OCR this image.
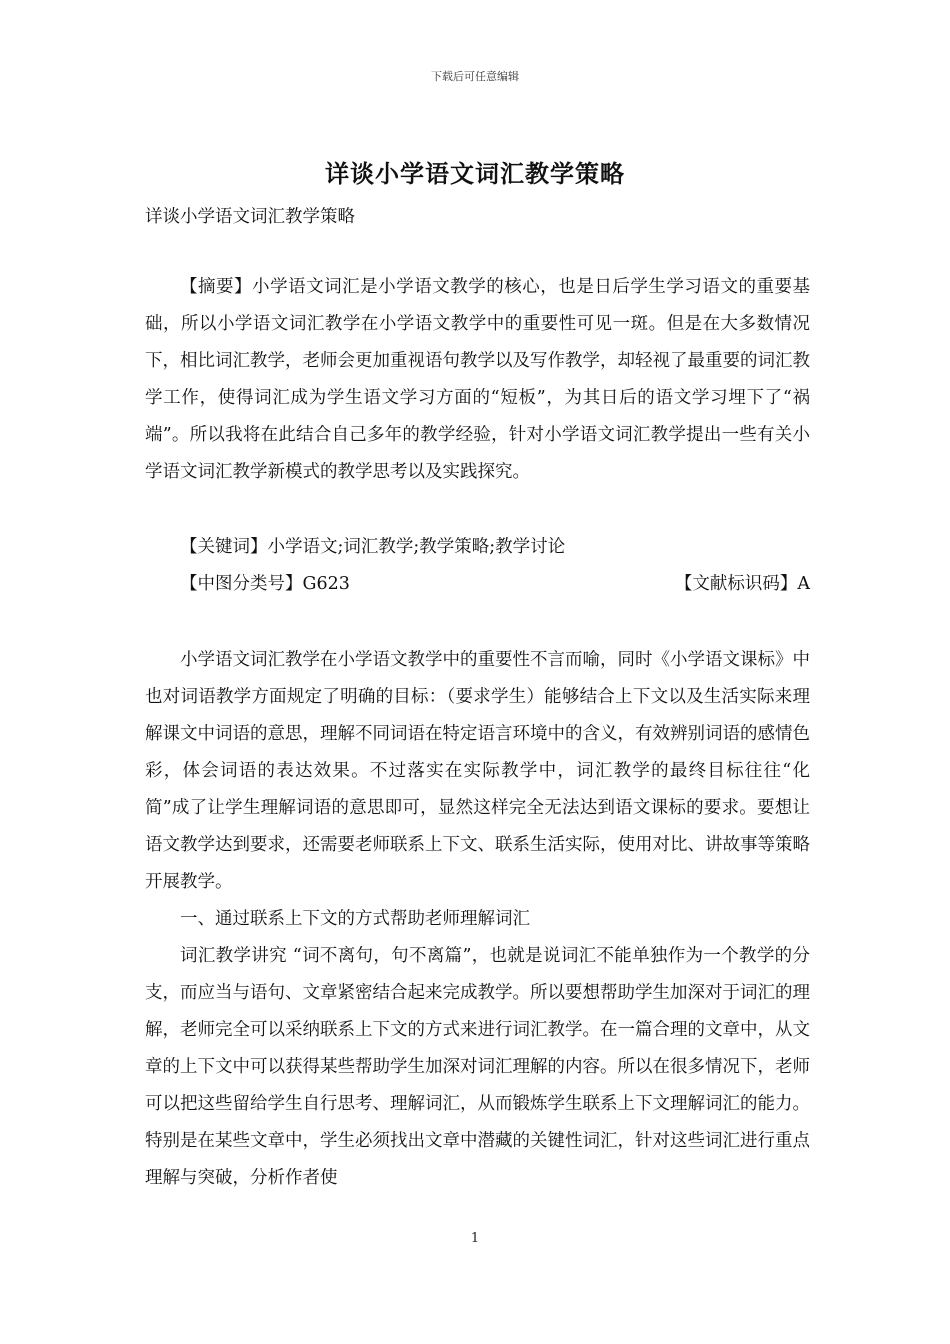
下载后可任意编辑
详谈小学语文词汇教学策略
详谈小学语文词汇教学策略

【摘要】小学语文词汇是小学语文教学的核心，也是日后学生学习语文的重要基础，所以小学语文词汇教学在小学语文教学中的重要性可见一斑。但是在大多数情况下，相比词汇教学，老师会更加重视语句教学以及写作教学，却轻视了最重要的词汇教学工作，使得词汇成为学生语文学习方面的“短板”，为其日后的语文学习埋下了“祸端”。所以我将在此结合自己多年的教学经验，针对小学语文词汇教学提出一些有关小学语文词汇教学新模式的教学思考以及实践探究。

【关键词】小学语文;词汇教学;教学策略;教学讨论

【中图分类号】G623	【文献标识码】A

小学语文词汇教学在小学语文教学中的重要性不言而喻，同时《小学语文课标》中也对词语教学方面规定了明确的目标：（要求学生）能够结合上下文以及生活实际来理解课文中词语的意思，理解不同词语在特定语言环境中的含义，有效辨别词语的感情色彩，体会词语的表达效果。不过落实在实际教学中，词汇教学的最终目标往往“化简”成了让学生理解词语的意思即可，显然这样完全无法达到语文课标的要求。要想让语文教学达到要求，还需要老师联系上下文、联系生活实际，使用对比、讲故事等策略开展教学。

一、通过联系上下文的方式帮助老师理解词汇

词汇教学讲究 “词不离句，句不离篇”，也就是说词汇不能单独作为一个教学的分支，而应当与语句、文章紧密结合起来完成教学。所以要想帮助学生加深对于词汇的理解，老师完全可以采纳联系上下文的方式来进行词汇教学。在一篇合理的文章中，从文章的上下文中可以获得某些帮助学生加深对词汇理解的内容。所以在很多情况下，老师可以把这些留给学生自行思考、理解词汇，从而锻炼学生联系上下文理解词汇的能力。特别是在某些文章中，学生必须找出文章中潜藏的关键性词汇，针对这些词汇进行重点理解与突破，分析作者使

1
